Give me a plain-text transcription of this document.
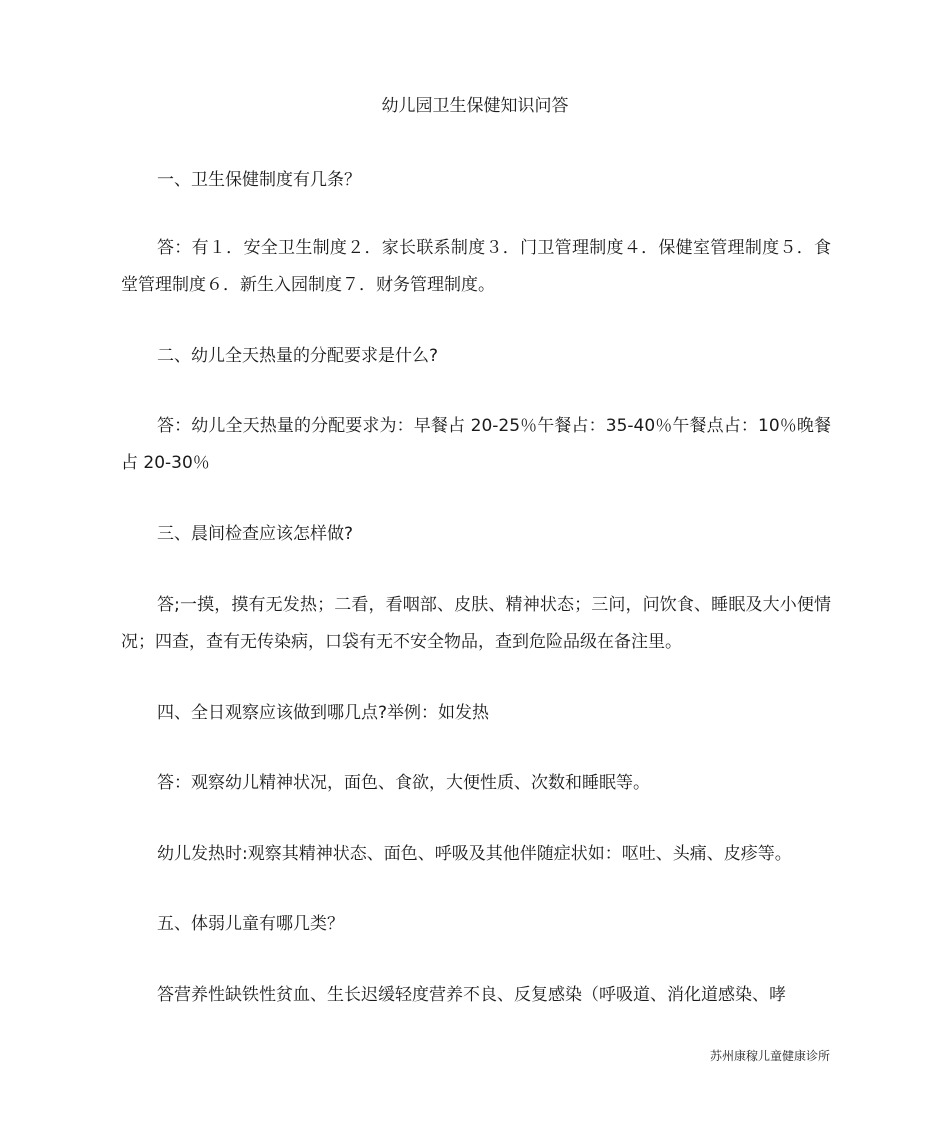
幼儿园卫生保健知识问答
一、卫生保健制度有几条？
答：有１．安全卫生制度２．家长联系制度３．门卫管理制度４．保健室管理制度５．食堂管理制度６．新生入园制度７．财务管理制度。
二、幼儿全天热量的分配要求是什么?
答：幼儿全天热量的分配要求为：早餐占 20-25％午餐占：35-40％午餐点占：10％晚餐占 20-30％
三、晨间检查应该怎样做?
答;一摸，摸有无发热；二看，看咽部、皮肤、精神状态；三问，问饮食、睡眠及大小便情况；四查，查有无传染病，口袋有无不安全物品，查到危险品级在备注里。
四、全日观察应该做到哪几点?举例：如发热
答：观察幼儿精神状况，面色、食欲，大便性质、次数和睡眠等。
幼儿发热时:观察其精神状态、面色、呼吸及其他伴随症状如：呕吐、头痛、皮疹等。
五、体弱儿童有哪几类？
答营养性缺铁性贫血、生长迟缓轻度营养不良、反复感染（呼吸道、消化道感染、哮
苏州康稼儿童健康诊所
